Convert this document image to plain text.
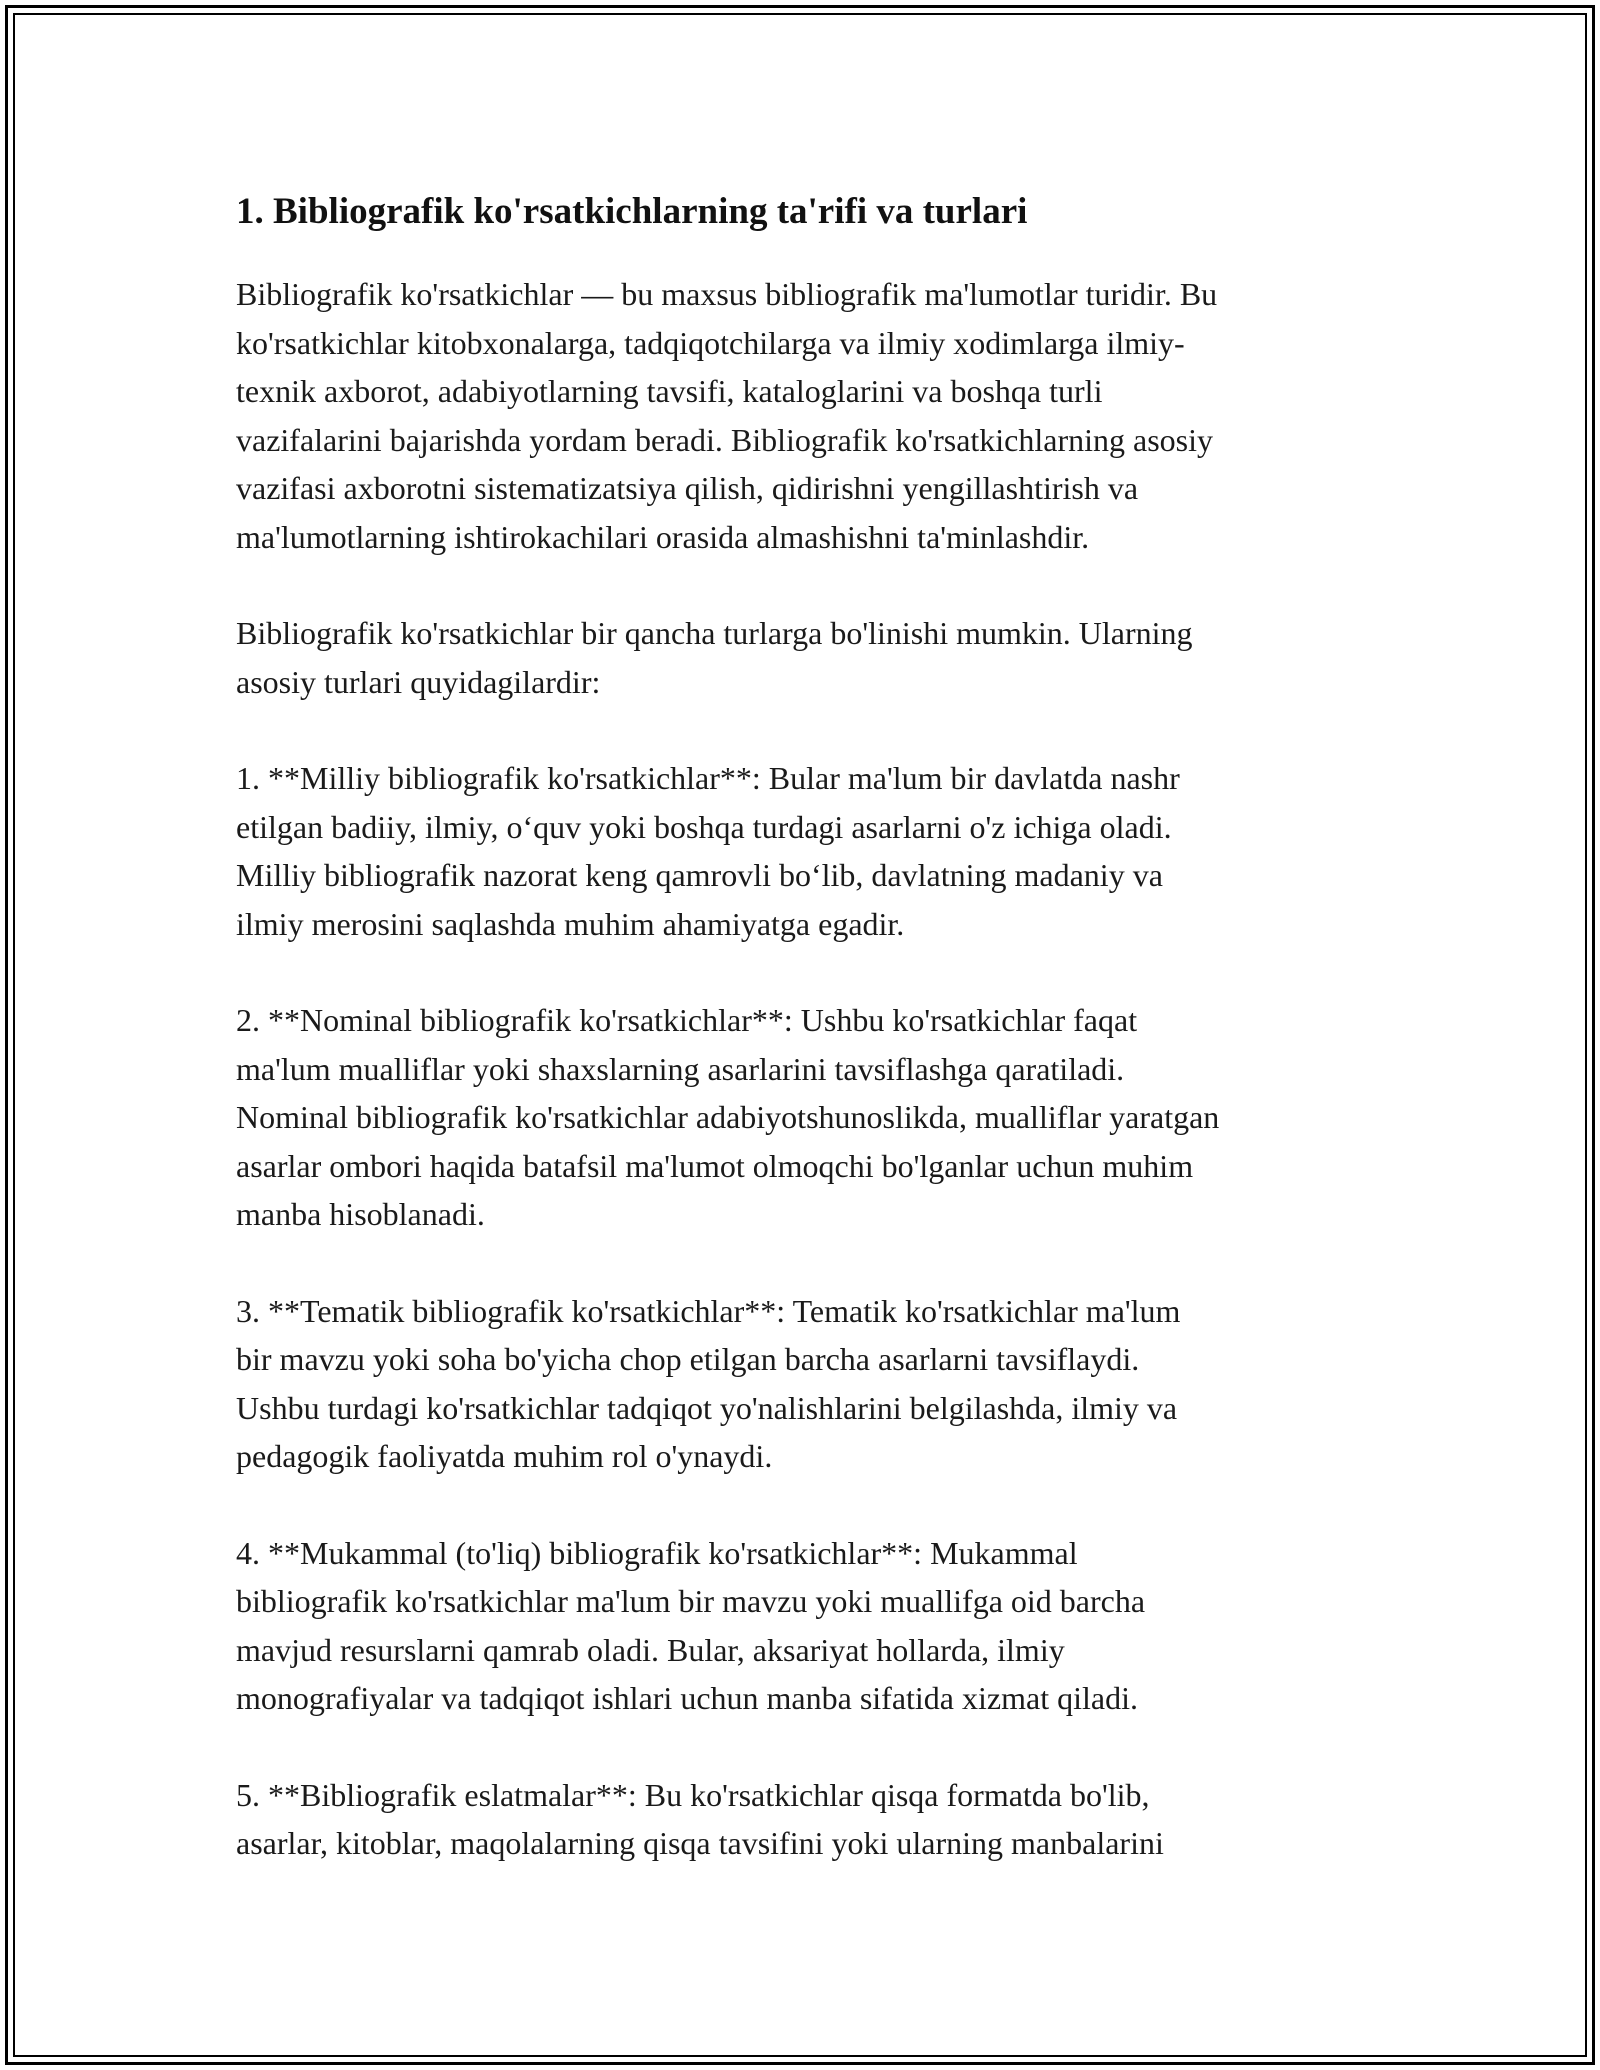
1. Bibliografik ko'rsatkichlarning ta'rifi va turlari

Bibliografik ko'rsatkichlar — bu maxsus bibliografik ma'lumotlar turidir. Bu
ko'rsatkichlar kitobxonalarga, tadqiqotchilarga va ilmiy xodimlarga ilmiy-
texnik axborot, adabiyotlarning tavsifi, kataloglarini va boshqa turli
vazifalarini bajarishda yordam beradi. Bibliografik ko'rsatkichlarning asosiy
vazifasi axborotni sistematizatsiya qilish, qidirishni yengillashtirish va
ma'lumotlarning ishtirokachilari orasida almashishni ta'minlashdir.

Bibliografik ko'rsatkichlar bir qancha turlarga bo'linishi mumkin. Ularning
asosiy turlari quyidagilardir:

1. **Milliy bibliografik ko'rsatkichlar**: Bular ma'lum bir davlatda nashr
etilgan badiiy, ilmiy, o‘quv yoki boshqa turdagi asarlarni o'z ichiga oladi.
Milliy bibliografik nazorat keng qamrovli bo‘lib, davlatning madaniy va
ilmiy merosini saqlashda muhim ahamiyatga egadir.

2. **Nominal bibliografik ko'rsatkichlar**: Ushbu ko'rsatkichlar faqat
ma'lum mualliflar yoki shaxslarning asarlarini tavsiflashga qaratiladi.
Nominal bibliografik ko'rsatkichlar adabiyotshunoslikda, mualliflar yaratgan
asarlar ombori haqida batafsil ma'lumot olmoqchi bo'lganlar uchun muhim
manba hisoblanadi.

3. **Tematik bibliografik ko'rsatkichlar**: Tematik ko'rsatkichlar ma'lum
bir mavzu yoki soha bo'yicha chop etilgan barcha asarlarni tavsiflaydi.
Ushbu turdagi ko'rsatkichlar tadqiqot yo'nalishlarini belgilashda, ilmiy va
pedagogik faoliyatda muhim rol o'ynaydi.

4. **Mukammal (to'liq) bibliografik ko'rsatkichlar**: Mukammal
bibliografik ko'rsatkichlar ma'lum bir mavzu yoki muallifga oid barcha
mavjud resurslarni qamrab oladi. Bular, aksariyat hollarda, ilmiy
monografiyalar va tadqiqot ishlari uchun manba sifatida xizmat qiladi.

5. **Bibliografik eslatmalar**: Bu ko'rsatkichlar qisqa formatda bo'lib,
asarlar, kitoblar, maqolalarning qisqa tavsifini yoki ularning manbalarini
